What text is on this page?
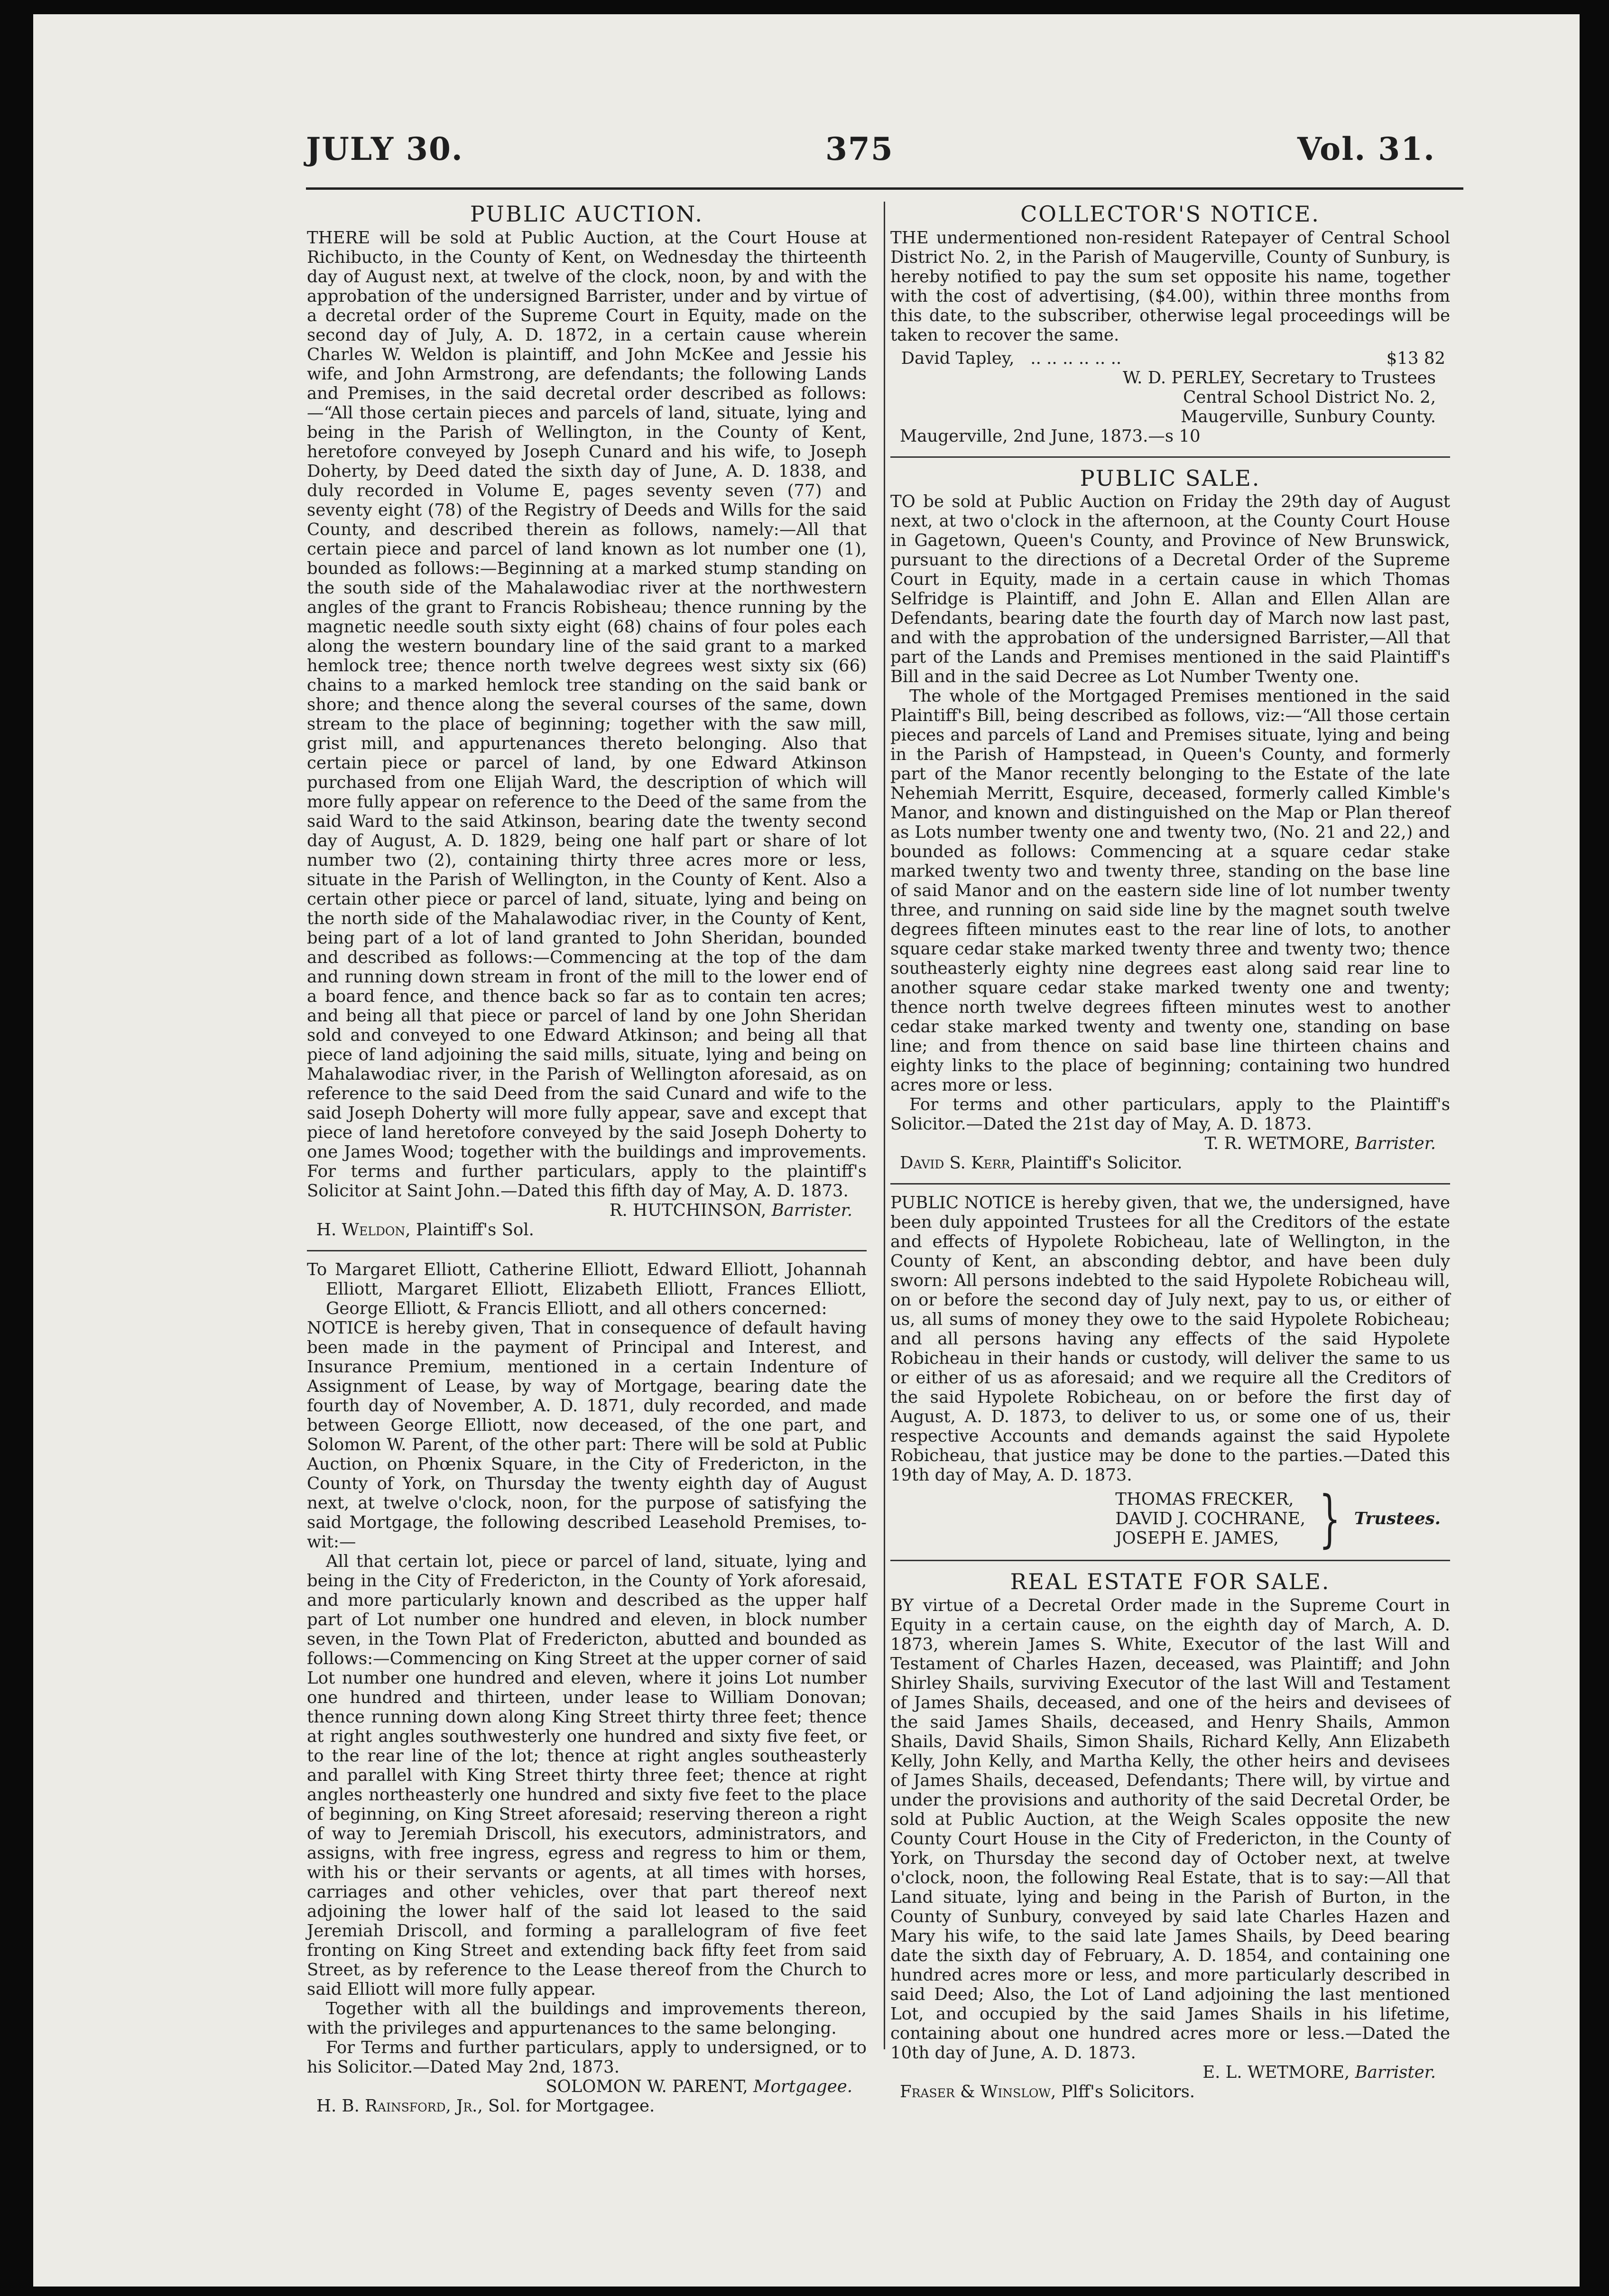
JULY 30.	375	Vol. 31.
PUBLIC AUCTION.

THERE will be sold at Public Auction, at the Court House at Richibucto, in the County of Kent, on Wednesday the thirteenth day of August next, at twelve of the clock, noon, by and with the approbation of the undersigned Barrister, under and by virtue of a decretal order of the Supreme Court in Equity, made on the second day of July, A. D. 1872, in a certain cause wherein Charles W. Weldon is plaintiff, and John McKee and Jessie his wife, and John Armstrong, are defendants; the following Lands and Premises, in the said decretal order described as follows:—“All those certain pieces and parcels of land, situate, lying and being in the Parish of Wellington, in the County of Kent, heretofore conveyed by Joseph Cunard and his wife, to Joseph Doherty, by Deed dated the sixth day of June, A. D. 1838, and duly recorded in Volume E, pages seventy seven (77) and seventy eight (78) of the Registry of Deeds and Wills for the said County, and described therein as follows, namely:—All that certain piece and parcel of land known as lot number one (1), bounded as follows:—Beginning at a marked stump standing on the south side of the Mahalawodiac river at the northwestern angles of the grant to Francis Robisheau; thence running by the magnetic needle south sixty eight (68) chains of four poles each along the western boundary line of the said grant to a marked hemlock tree; thence north twelve degrees west sixty six (66) chains to a marked hemlock tree standing on the said bank or shore; and thence along the several courses of the same, down stream to the place of beginning; together with the saw mill, grist mill, and appurtenances thereto belonging. Also that certain piece or parcel of land, by one Edward Atkinson purchased from one Elijah Ward, the description of which will more fully appear on reference to the Deed of the same from the said Ward to the said Atkinson, bearing date the twenty second day of August, A. D. 1829, being one half part or share of lot number two (2), containing thirty three acres more or less, situate in the Parish of Wellington, in the County of Kent. Also a certain other piece or parcel of land, situate, lying and being on the north side of the Mahalawodiac river, in the County of Kent, being part of a lot of land granted to John Sheridan, bounded and described as follows:—Commencing at the top of the dam and running down stream in front of the mill to the lower end of a board fence, and thence back so far as to contain ten acres; and being all that piece or parcel of land by one John Sheridan sold and conveyed to one Edward Atkinson; and being all that piece of land adjoining the said mills, situate, lying and being on Mahalawodiac river, in the Parish of Wellington aforesaid, as on reference to the said Deed from the said Cunard and wife to the said Joseph Doherty will more fully appear, save and except that piece of land heretofore conveyed by the said Joseph Doherty to one James Wood; together with the buildings and improvements. For terms and further particulars, apply to the plaintiff's Solicitor at Saint John.—Dated this fifth day of May, A. D. 1873.

R. HUTCHINSON, Barrister.
H. Weldon, Plaintiff's Sol.

To Margaret Elliott, Catherine Elliott, Edward Elliott, Johannah Elliott, Margaret Elliott, Elizabeth Elliott, Frances Elliott, George Elliott, & Francis Elliott, and all others concerned:

NOTICE is hereby given, That in consequence of default having been made in the payment of Principal and Interest, and Insurance Premium, mentioned in a certain Indenture of Assignment of Lease, by way of Mortgage, bearing date the fourth day of November, A. D. 1871, duly recorded, and made between George Elliott, now deceased, of the one part, and Solomon W. Parent, of the other part: There will be sold at Public Auction, on Phœnix Square, in the City of Fredericton, in the County of York, on Thursday the twenty eighth day of August next, at twelve o'clock, noon, for the purpose of satisfying the said Mortgage, the following described Leasehold Premises, to-wit:—

All that certain lot, piece or parcel of land, situate, lying and being in the City of Fredericton, in the County of York aforesaid, and more particularly known and described as the upper half part of Lot number one hundred and eleven, in block number seven, in the Town Plat of Fredericton, abutted and bounded as follows:—Commencing on King Street at the upper corner of said Lot number one hundred and eleven, where it joins Lot number one hundred and thirteen, under lease to William Donovan; thence running down along King Street thirty three feet; thence at right angles southwesterly one hundred and sixty five feet, or to the rear line of the lot; thence at right angles southeasterly and parallel with King Street thirty three feet; thence at right angles northeasterly one hundred and sixty five feet to the place of beginning, on King Street aforesaid; reserving thereon a right of way to Jeremiah Driscoll, his executors, administrators, and assigns, with free ingress, egress and regress to him or them, with his or their servants or agents, at all times with horses, carriages and other vehicles, over that part thereof next adjoining the lower half of the said lot leased to the said Jeremiah Driscoll, and forming a parallelogram of five feet fronting on King Street and extending back fifty feet from said Street, as by reference to the Lease thereof from the Church to said Elliott will more fully appear.

Together with all the buildings and improvements thereon, with the privileges and appurtenances to the same belonging.

For Terms and further particulars, apply to undersigned, or to his Solicitor.—Dated May 2nd, 1873.

SOLOMON W. PARENT, Mortgagee.
H. B. Rainsford, Jr., Sol. for Mortgagee.
COLLECTOR'S NOTICE.

THE undermentioned non-resident Ratepayer of Central School District No. 2, in the Parish of Maugerville, County of Sunbury, is hereby notified to pay the sum set opposite his name, together with the cost of advertising, ($4.00), within three months from this date, to the subscriber, otherwise legal proceedings will be taken to recover the same.

David Tapley, .. .. .. .. .. ..	$13 82
W. D. PERLEY, Secretary to Trustees
Central School District No. 2,
Maugerville, Sunbury County.
Maugerville, 2nd June, 1873.—s 10
PUBLIC SALE.

TO be sold at Public Auction on Friday the 29th day of August next, at two o'clock in the afternoon, at the County Court House in Gagetown, Queen's County, and Province of New Brunswick, pursuant to the directions of a Decretal Order of the Supreme Court in Equity, made in a certain cause in which Thomas Selfridge is Plaintiff, and John E. Allan and Ellen Allan are Defendants, bearing date the fourth day of March now last past, and with the approbation of the undersigned Barrister,—All that part of the Lands and Premises mentioned in the said Plaintiff's Bill and in the said Decree as Lot Number Twenty one.

The whole of the Mortgaged Premises mentioned in the said Plaintiff's Bill, being described as follows, viz:—“All those certain pieces and parcels of Land and Premises situate, lying and being in the Parish of Hampstead, in Queen's County, and formerly part of the Manor recently belonging to the Estate of the late Nehemiah Merritt, Esquire, deceased, formerly called Kimble's Manor, and known and distinguished on the Map or Plan thereof as Lots number twenty one and twenty two, (No. 21 and 22,) and bounded as follows: Commencing at a square cedar stake marked twenty two and twenty three, standing on the base line of said Manor and on the eastern side line of lot number twenty three, and running on said side line by the magnet south twelve degrees fifteen minutes east to the rear line of lots, to another square cedar stake marked twenty three and twenty two; thence southeasterly eighty nine degrees east along said rear line to another square cedar stake marked twenty one and twenty; thence north twelve degrees fifteen minutes west to another cedar stake marked twenty and twenty one, standing on base line; and from thence on said base line thirteen chains and eighty links to the place of beginning; containing two hundred acres more or less.

For terms and other particulars, apply to the Plaintiff's Solicitor.—Dated the 21st day of May, A. D. 1873.

T. R. WETMORE, Barrister.
David S. Kerr, Plaintiff's Solicitor.

PUBLIC NOTICE is hereby given, that we, the undersigned, have been duly appointed Trustees for all the Creditors of the estate and effects of Hypolete Robicheau, late of Wellington, in the County of Kent, an absconding debtor, and have been duly sworn: All persons indebted to the said Hypolete Robicheau will, on or before the second day of July next, pay to us, or either of us, all sums of money they owe to the said Hypolete Robicheau; and all persons having any effects of the said Hypolete Robicheau in their hands or custody, will deliver the same to us or either of us as aforesaid; and we require all the Creditors of the said Hypolete Robicheau, on or before the first day of August, A. D. 1873, to deliver to us, or some one of us, their respective Accounts and demands against the said Hypolete Robicheau, that justice may be done to the parties.—Dated this 19th day of May, A. D. 1873.

THOMAS FRECKER,
DAVID J. COCHRANE,
JOSEPH E. JAMES, } Trustees.
REAL ESTATE FOR SALE.

BY virtue of a Decretal Order made in the Supreme Court in Equity in a certain cause, on the eighth day of March, A. D. 1873, wherein James S. White, Executor of the last Will and Testament of Charles Hazen, deceased, was Plaintiff; and John Shirley Shails, surviving Executor of the last Will and Testament of James Shails, deceased, and one of the heirs and devisees of the said James Shails, deceased, and Henry Shails, Ammon Shails, David Shails, Simon Shails, Richard Kelly, Ann Elizabeth Kelly, John Kelly, and Martha Kelly, the other heirs and devisees of James Shails, deceased, Defendants; There will, by virtue and under the provisions and authority of the said Decretal Order, be sold at Public Auction, at the Weigh Scales opposite the new County Court House in the City of Fredericton, in the County of York, on Thursday the second day of October next, at twelve o'clock, noon, the following Real Estate, that is to say:—All that Land situate, lying and being in the Parish of Burton, in the County of Sunbury, conveyed by said late Charles Hazen and Mary his wife, to the said late James Shails, by Deed bearing date the sixth day of February, A. D. 1854, and containing one hundred acres more or less, and more particularly described in said Deed; Also, the Lot of Land adjoining the last mentioned Lot, and occupied by the said James Shails in his lifetime, containing about one hundred acres more or less.—Dated the 10th day of June, A. D. 1873.

E. L. WETMORE, Barrister.
Fraser & Winslow, Plff's Solicitors.
